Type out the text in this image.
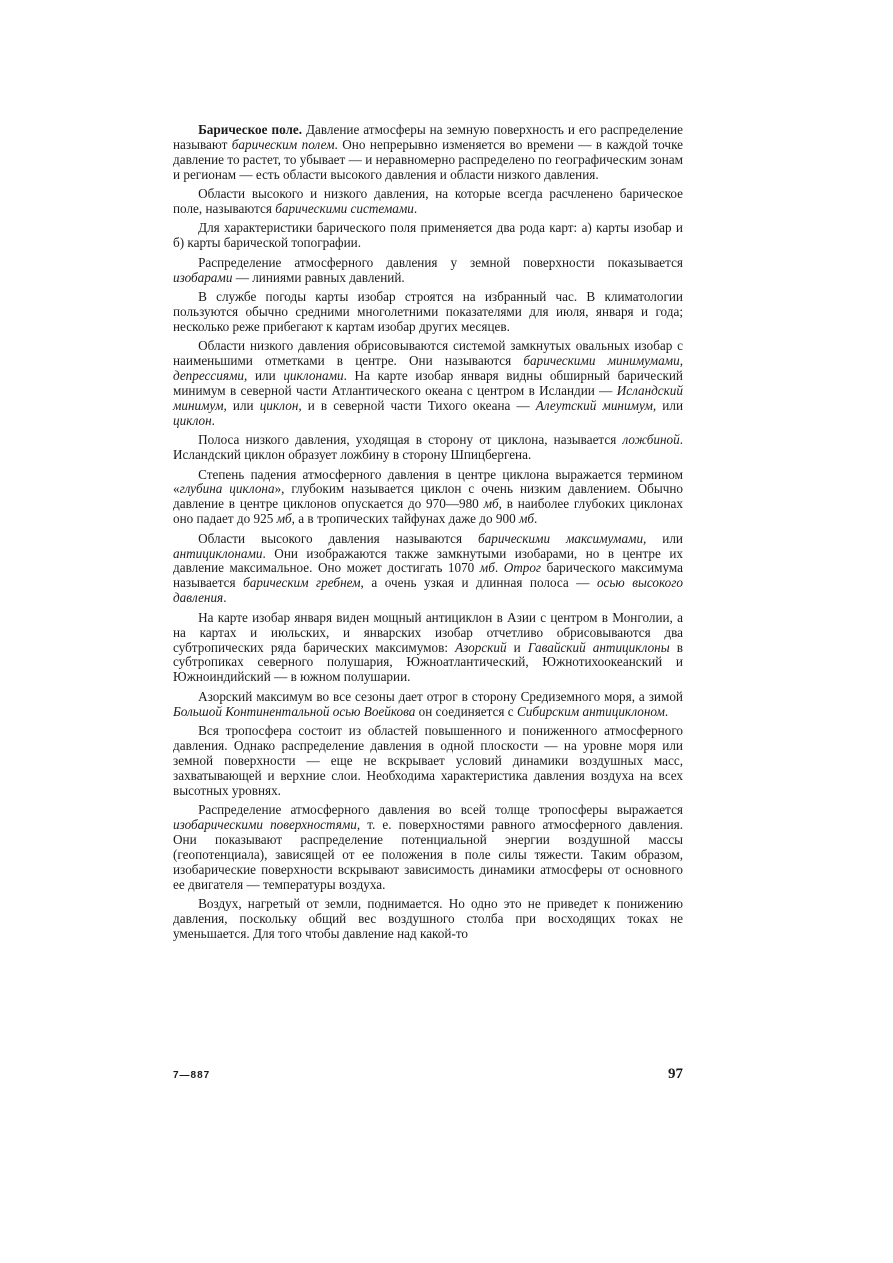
Барическое поле. Давление атмосферы на земную поверхность и его распределение называют барическим полем. Оно непрерывно изменяется во времени — в каждой точке давление то растет, то убывает — и неравномерно распределено по географическим зонам и регионам — есть области высокого давления и области низкого давления.

Области высокого и низкого давления, на которые всегда расчленено барическое поле, называются барическими системами.

Для характеристики барического поля применяется два рода карт: а) карты изобар и б) карты барической топографии.

Распределение атмосферного давления у земной поверхности показывается изобарами — линиями равных давлений.

В службе погоды карты изобар строятся на избранный час. В климатологии пользуются обычно средними многолетними показателями для июля, января и года; несколько реже прибегают к картам изобар других месяцев.

Области низкого давления обрисовываются системой замкнутых овальных изобар с наименьшими отметками в центре. Они называются барическими минимумами, депрессиями, или циклонами. На карте изобар января видны обширный барический минимум в северной части Атлантического океана с центром в Исландии — Исландский минимум, или циклон, и в северной части Тихого океана — Алеутский минимум, или циклон.

Полоса низкого давления, уходящая в сторону от циклона, называется ложбиной. Исландский циклон образует ложбину в сторону Шпицбергена.

Степень падения атмосферного давления в центре циклона выражается термином «глубина циклона», глубоким называется циклон с очень низким давлением. Обычно давление в центре циклонов опускается до 970—980 мб, в наиболее глубоких циклонах оно падает до 925 мб, а в тропических тайфунах даже до 900 мб.

Области высокого давления называются барическими максимумами, или антициклонами. Они изображаются также замкнутыми изобарами, но в центре их давление максимальное. Оно может достигать 1070 мб. Отрог барического максимума называется барическим гребнем, а очень узкая и длинная полоса — осью высокого давления.

На карте изобар января виден мощный антициклон в Азии с центром в Монголии, а на картах и июльских, и январских изобар отчетливо обрисовываются два субтропических ряда барических максимумов: Азорский и Гавайский антициклоны в субтропиках северного полушария, Южноатлантический, Южнотихоокеанский и Южноиндийский — в южном полушарии.

Азорский максимум во все сезоны дает отрог в сторону Средиземного моря, а зимой Большой Континентальной осью Воейкова он соединяется с Сибирским антициклоном.

Вся тропосфера состоит из областей повышенного и пониженного атмосферного давления. Однако распределение давления в одной плоскости — на уровне моря или земной поверхности — еще не вскрывает условий динамики воздушных масс, захватывающей и верхние слои. Необходима характеристика давления воздуха на всех высотных уровнях.

Распределение атмосферного давления во всей толще тропосферы выражается изобарическими поверхностями, т. е. поверхностями равного атмосферного давления. Они показывают распределение потенциальной энергии воздушной массы (геопотенциала), зависящей от ее положения в поле силы тяжести. Таким образом, изобарические поверхности вскрывают зависимость динамики атмосферы от основного ее двигателя — температуры воздуха.

Воздух, нагретый от земли, поднимается. Но одно это не приведет к понижению давления, поскольку общий вес воздушного столба при восходящих токах не уменьшается. Для того чтобы давление над какой-то

7—887	97
